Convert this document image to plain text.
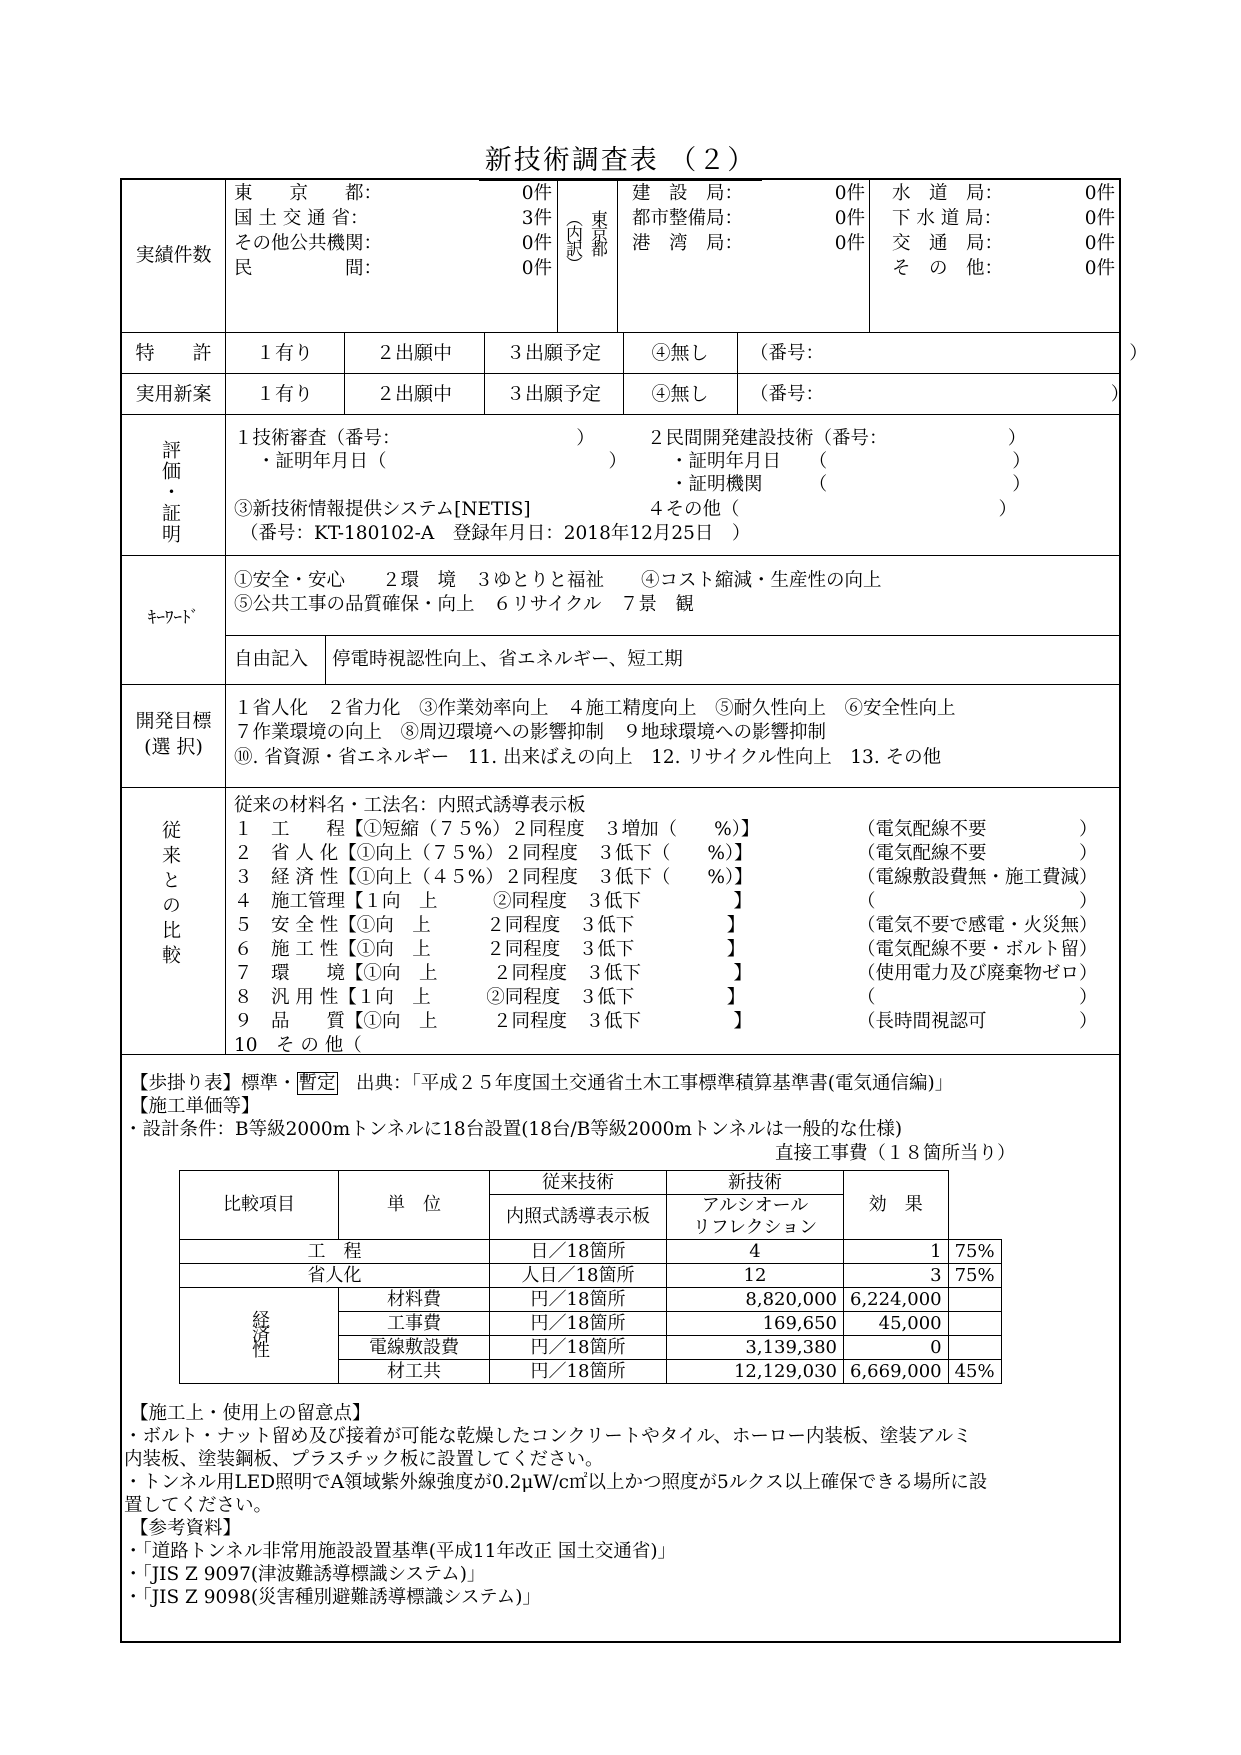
新技術調査表 （２）
実績件数
東　　京　　都：	0件
国 土 交 通 省：	3件
その他公共機関：	0件
民　　　　　間：	0件 （内訳） 東京都
建　設　局：	0件
都市整備局：	0件
港　湾　局：	0件
水　道　局：	0件
下 水 道 局：	0件
交　通　局：	0件
そ　の　他：	0件
特　　許	１有り	２出願中	３出願予定	④無し	（番号：　　　　　　　　　　　　　　　　　）
実用新案	１有り	２出願中	３出願予定	④無し	（番号：　　　　　　　　　　　　　　　　）
評価・証明
１技術審査（番号：　　　　　　　　　　）	２民間開発建設技術（番号：　　　　　　　）
・証明年月日（　　　　　　　　　　　　） ・証明年月日　　（　　　　　　　　　　）
・証明機関　　　（　　　　　　　　　　）
③新技術情報提供システム[NETIS]	４その他（　　　　　　　　　　　　　　）
（番号：KT-180102-A　登録年月日：2018年12月25日　）
ｷｰﾜｰﾄﾞ
①安全・安心　　２環　境　３ゆとりと福祉　　④コスト縮減・生産性の向上
⑤公共工事の品質確保・向上　６リサイクル　７景　観
自由記入 停電時視認性向上、省エネルギー、短工期
開発目標
(選 択)
１省人化　２省力化　③作業効率向上　４施工精度向上　⑤耐久性向上　⑥安全性向上
７作業環境の向上　⑧周辺環境への影響抑制　９地球環境への影響抑制
⑩. 省資源・省エネルギー　11. 出来ばえの向上　12. リサイクル性向上　13. その他
従来との比較
従来の材料名・工法名：内照式誘導表示板
１　工　　程【①短縮（７５%）２同程度　３増加（　　%）】	（電気配線不要　　　　　）
２　省 人 化【①向上（７５%）２同程度　３低下（　　%）】	（電気配線不要　　　　　）
３　経 済 性【①向上（４５%）２同程度　３低下（　　%）】	（電線敷設費無・施工費減）
４　施工管理【１向　上　　　②同程度　３低下　　　　　】	（　　　　　　　　　　　）
５　安 全 性【①向　上　　　２同程度　３低下　　　　　】	（電気不要で感電・火災無）
６　施 工 性【①向　上　　　２同程度　３低下　　　　　】	（電気配線不要・ボルト留）
７　環　　境【①向　上　　　２同程度　３低下　　　　　】	（使用電力及び廃棄物ゼロ）
８　汎 用 性【１向　上　　　②同程度　３低下　　　　　】	（　　　　　　　　　　　）
９　品　　質【①向　上　　　２同程度　３低下　　　　　】	（長時間視認可　　　　　）
10　そ の 他（
【歩掛り表】標準・ 暫定　出典：「平成２５年度国土交通省土木工事標準積算基準書(電気通信編)」
【施工単価等】
・設計条件：B等級2000mトンネルに18台設置(18台/B等級2000mトンネルは一般的な仕様)
直接工事費（１８箇所当り）
比較項目	単　位	従来技術	新技術	効　果	
		内照式誘導表示板	アルシオール
リフレクション		
工　程		日／18箇所	4	1	75%
省人化		人日／18箇所	12	3	75%
経済性	材料費	円／18箇所	8,820,000	6,224,000	
	工事費	円／18箇所	169,650	45,000	
	電線敷設費	円／18箇所	3,139,380	0	
	材工共	円／18箇所	12,129,030	6,669,000	45%
【施工上・使用上の留意点】
・ボルト・ナット留め及び接着が可能な乾燥したコンクリートやタイル、ホーロー内装板、塗装アルミ
内装板、塗装鋼板、プラスチック板に設置してください。
・トンネル用LED照明でA領域紫外線強度が0.2μW/c㎡以上かつ照度が5ルクス以上確保できる場所に設
置してください。
【参考資料】
・「道路トンネル非常用施設設置基準(平成11年改正 国土交通省)」
・「JIS Z 9097(津波難誘導標識システム)」
・「JIS Z 9098(災害種別避難誘導標識システム)」
